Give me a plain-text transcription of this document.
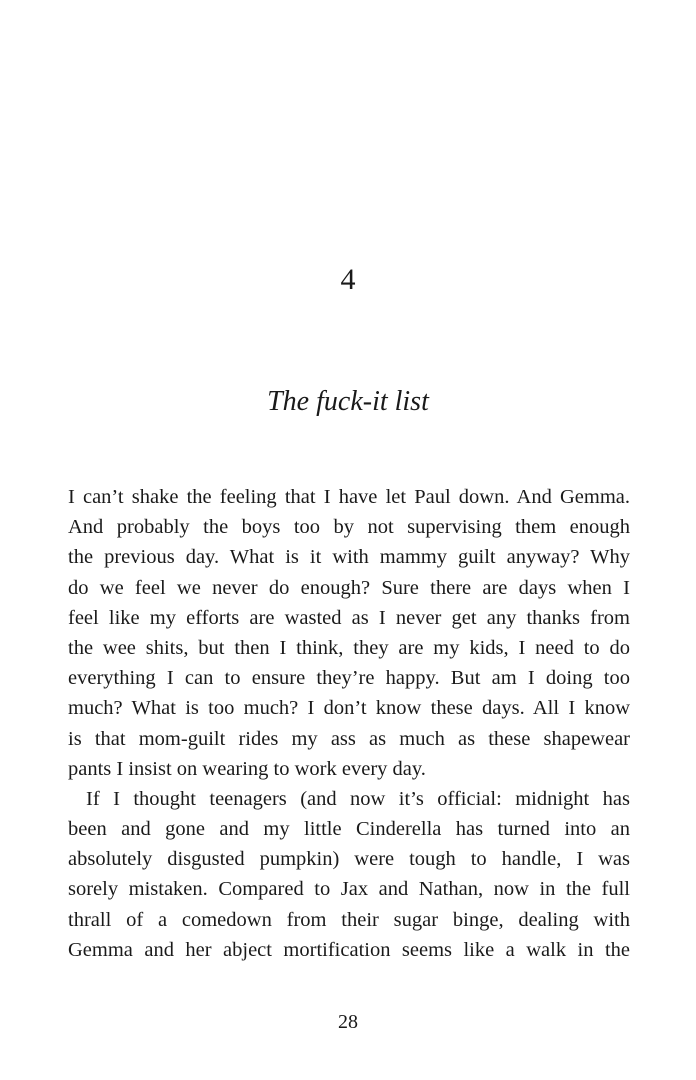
4
The fuck-it list
I can’t shake the feeling that I have let Paul down. And Gemma.
And probably the boys too by not supervising them enough
the previous day. What is it with mammy guilt anyway? Why
do we feel we never do enough? Sure there are days when I
feel like my efforts are wasted as I never get any thanks from
the wee shits, but then I think, they are my kids, I need to do
everything I can to ensure they’re happy. But am I doing too
much? What is too much? I don’t know these days. All I know
is that mom-guilt rides my ass as much as these shapewear
pants I insist on wearing to work every day.
If I thought teenagers (and now it’s official: midnight has
been and gone and my little Cinderella has turned into an
absolutely disgusted pumpkin) were tough to handle, I was
sorely mistaken. Compared to Jax and Nathan, now in the full
thrall of a comedown from their sugar binge, dealing with
Gemma and her abject mortification seems like a walk in the
28
